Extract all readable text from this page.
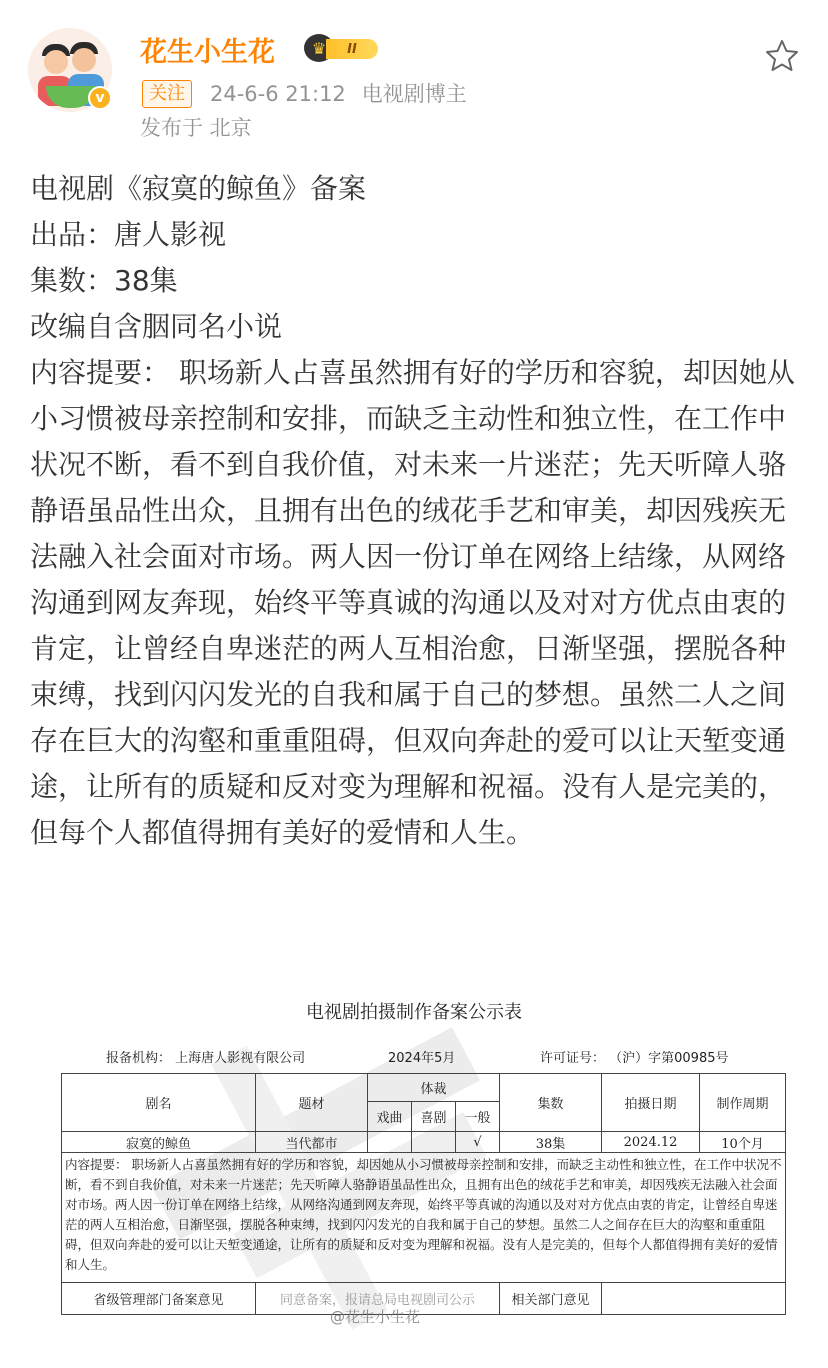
v
花生小生花	♛	II
关注	24-6-6 21:12 电视剧博主
发布于 北京

电视剧《寂寞的鲸鱼》备案

出品：唐人影视

集数：38集

改编自含胭同名小说

内容提要： 职场新人占喜虽然拥有好的学历和容貌，却因她从小习惯被母亲控制和安排，而缺乏主动性和独立性，在工作中状况不断，看不到自我价值，对未来一片迷茫；先天听障人骆静语虽品性出众，且拥有出色的绒花手艺和审美，却因残疾无法融入社会面对市场。两人因一份订单在网络上结缘，从网络沟通到网友奔现，始终平等真诚的沟通以及对对方优点由衷的肯定，让曾经自卑迷茫的两人互相治愈，日渐坚强，摆脱各种束缚，找到闪闪发光的自我和属于自己的梦想。虽然二人之间存在巨大的沟壑和重重阻碍，但双向奔赴的爱可以让天堑变通途，让所有的质疑和反对变为理解和祝福。没有人是完美的，但每个人都值得拥有美好的爱情和人生。

电视剧拍摄制作备案公示表
报备机构： 上海唐人影视有限公司	2024年5月	许可证号： （沪）字第00985号
剧名	题材	体裁			集数	拍摄日期	制作周期
		戏曲	喜剧	一般			
寂寞的鲸鱼	当代都市			√	38集	2024.12	10个月
内容提要： 职场新人占喜虽然拥有好的学历和容貌，却因她从小习惯被母亲控制和安排，而缺乏主动性和独立性，在工作中状况不断，看不到自我价值，对未来一片迷茫；先天听障人骆静语虽品性出众，且拥有出色的绒花手艺和审美，却因残疾无法融入社会面对市场。两人因一份订单在网络上结缘，从网络沟通到网友奔现，始终平等真诚的沟通以及对对方优点由衷的肯定，让曾经自卑迷茫的两人互相治愈，日渐坚强，摆脱各种束缚，找到闪闪发光的自我和属于自己的梦想。虽然二人之间存在巨大的沟壑和重重阻碍，但双向奔赴的爱可以让天堑变通途，让所有的质疑和反对变为理解和祝福。没有人是完美的，但每个人都值得拥有美好的爱情和人生。							
省级管理部门备案意见	同意备案，报请总局电视剧司公示				相关部门意见		
@花生小生花
